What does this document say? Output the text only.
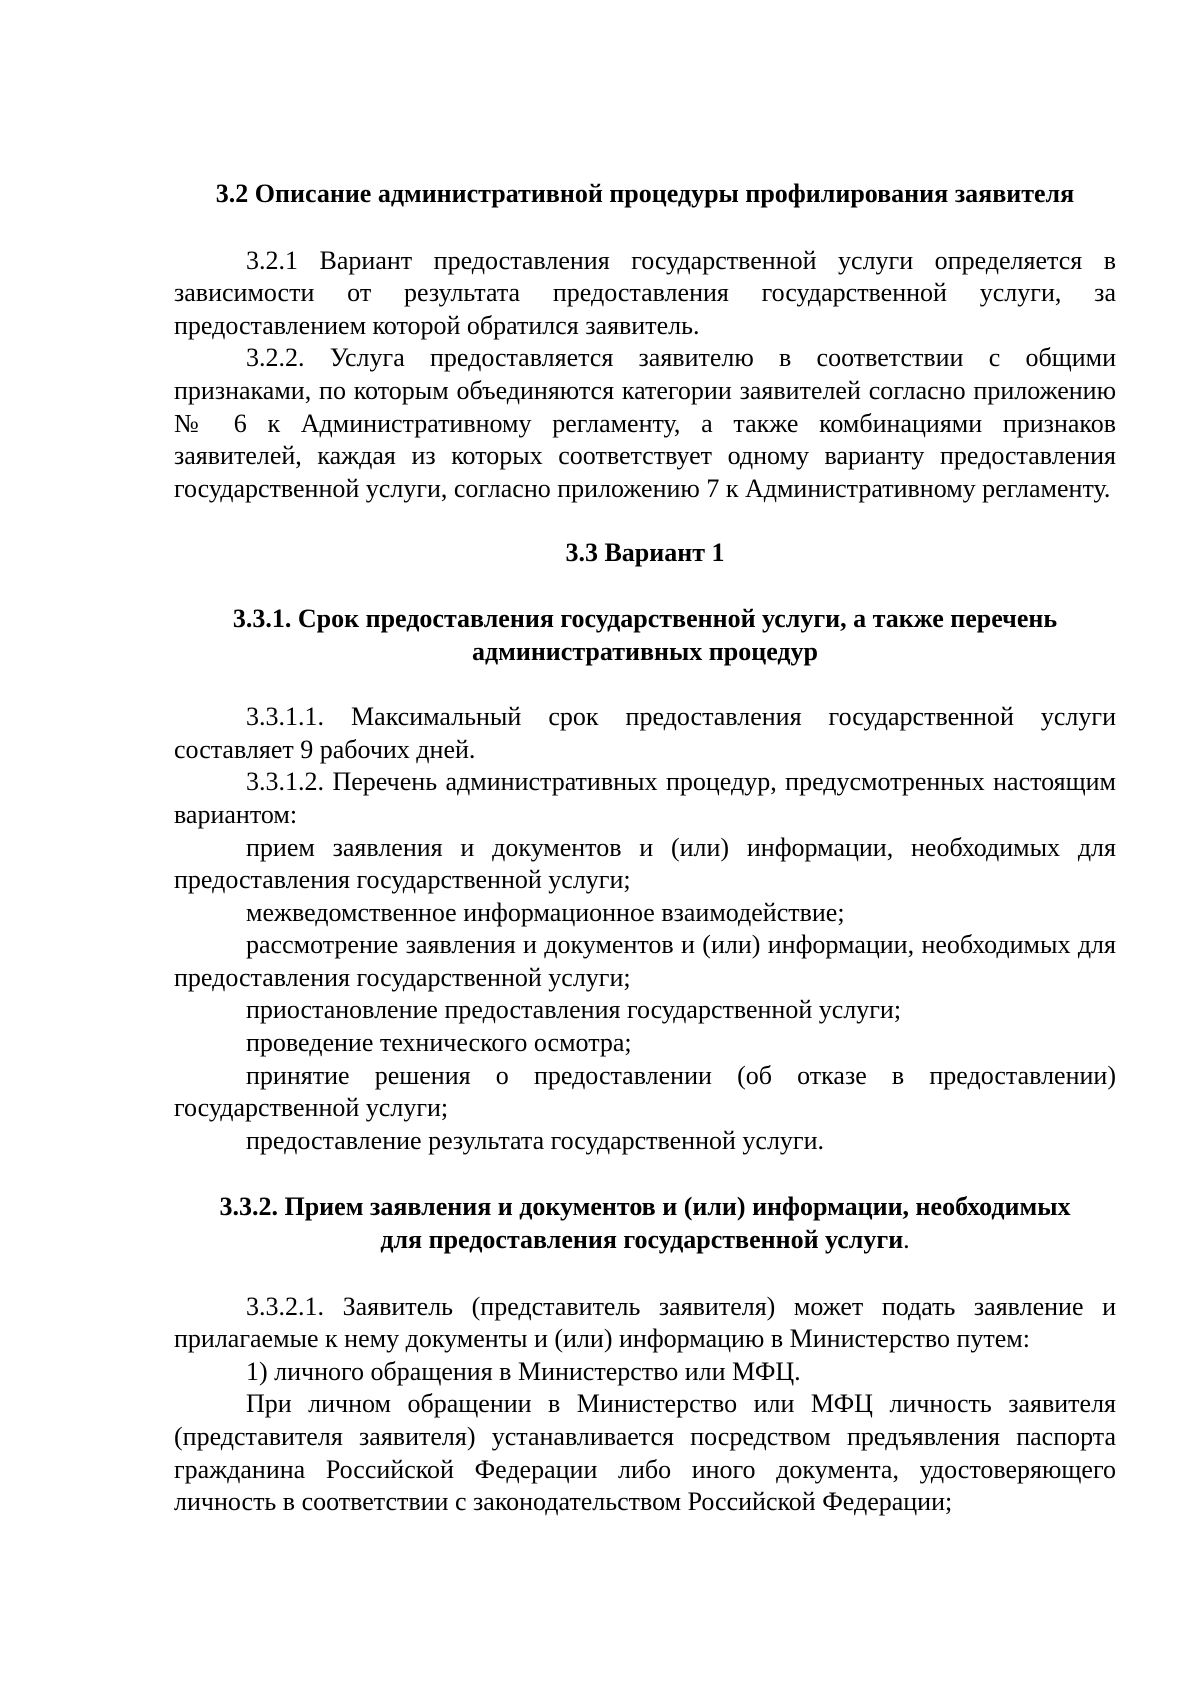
3.2 Описание административной процедуры профилирования заявителя

3.2.1 Вариант предоставления государственной услуги определяется в зависимости от результата предоставления государственной услуги, за предоставлением которой обратился заявитель.

3.2.2. Услуга предоставляется заявителю в соответствии с общими признаками, по которым объединяются категории заявителей согласно приложению № 6 к Административному регламенту, а также комбинациями признаков заявителей, каждая из которых соответствует одному варианту предоставления государственной услуги, согласно приложению 7 к Административному регламенту.

3.3 Вариант 1
3.3.1. Срок предоставления государственной услуги, а также перечень
административных процедур

3.3.1.1. Максимальный срок предоставления государственной услуги составляет 9 рабочих дней.

3.3.1.2. Перечень административных процедур, предусмотренных настоящим вариантом:

прием заявления и документов и (или) информации, необходимых для предоставления государственной услуги;

межведомственное информационное взаимодействие;

рассмотрение заявления и документов и (или) информации, необходимых для предоставления государственной услуги;

приостановление предоставления государственной услуги;

проведение технического осмотра;

принятие решения о предоставлении (об отказе в предоставлении) государственной услуги;

предоставление результата государственной услуги.

3.3.2. Прием заявления и документов и (или) информации, необходимых
для предоставления государственной услуги.

3.3.2.1. Заявитель (представитель заявителя) может подать заявление и прилагаемые к нему документы и (или) информацию в Министерство путем:

1) личного обращения в Министерство или МФЦ.

При личном обращении в Министерство или МФЦ личность заявителя (представителя заявителя) устанавливается посредством предъявления паспорта гражданина Российской Федерации либо иного документа, удостоверяющего личность в соответствии с законодательством Российской Федерации;
